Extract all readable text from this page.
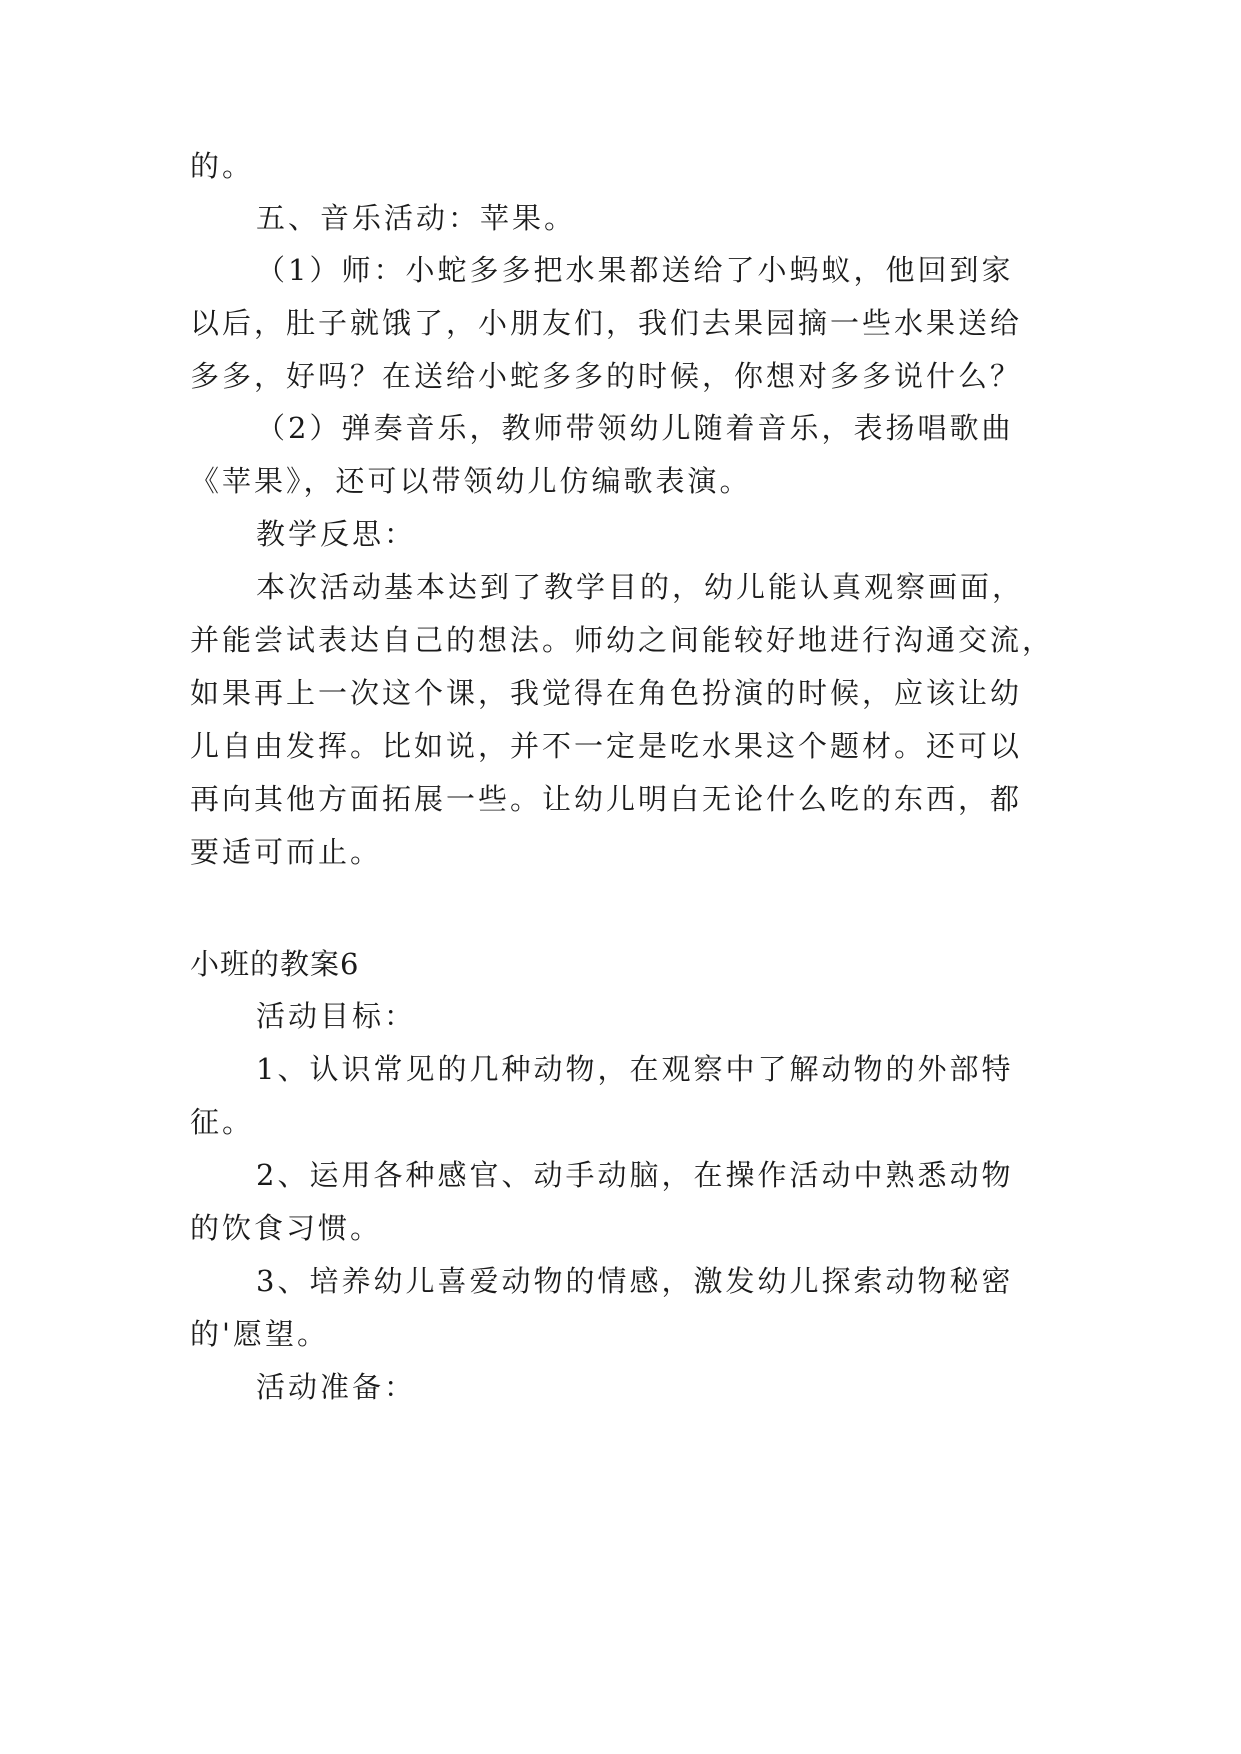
的。
五、音乐活动：苹果。
（1）师：小蛇多多把水果都送给了小蚂蚁，他回到家
以后，肚子就饿了，小朋友们，我们去果园摘一些水果送给
多多，好吗？在送给小蛇多多的时候，你想对多多说什么？
（2）弹奏音乐，教师带领幼儿随着音乐，表扬唱歌曲
《苹果》，还可以带领幼儿仿编歌表演。
教学反思：
本次活动基本达到了教学目的，幼儿能认真观察画面，
并能尝试表达自己的想法。师幼之间能较好地进行沟通交流，
如果再上一次这个课，我觉得在角色扮演的时候，应该让幼
儿自由发挥。比如说，并不一定是吃水果这个题材。还可以
再向其他方面拓展一些。让幼儿明白无论什么吃的东西，都
要适可而止。
小班的教案6
活动目标：
1、认识常见的几种动物，在观察中了解动物的外部特
征。
2、运用各种感官、动手动脑，在操作活动中熟悉动物
的饮食习惯。
3、培养幼儿喜爱动物的情感，激发幼儿探索动物秘密
的'愿望。
活动准备：
